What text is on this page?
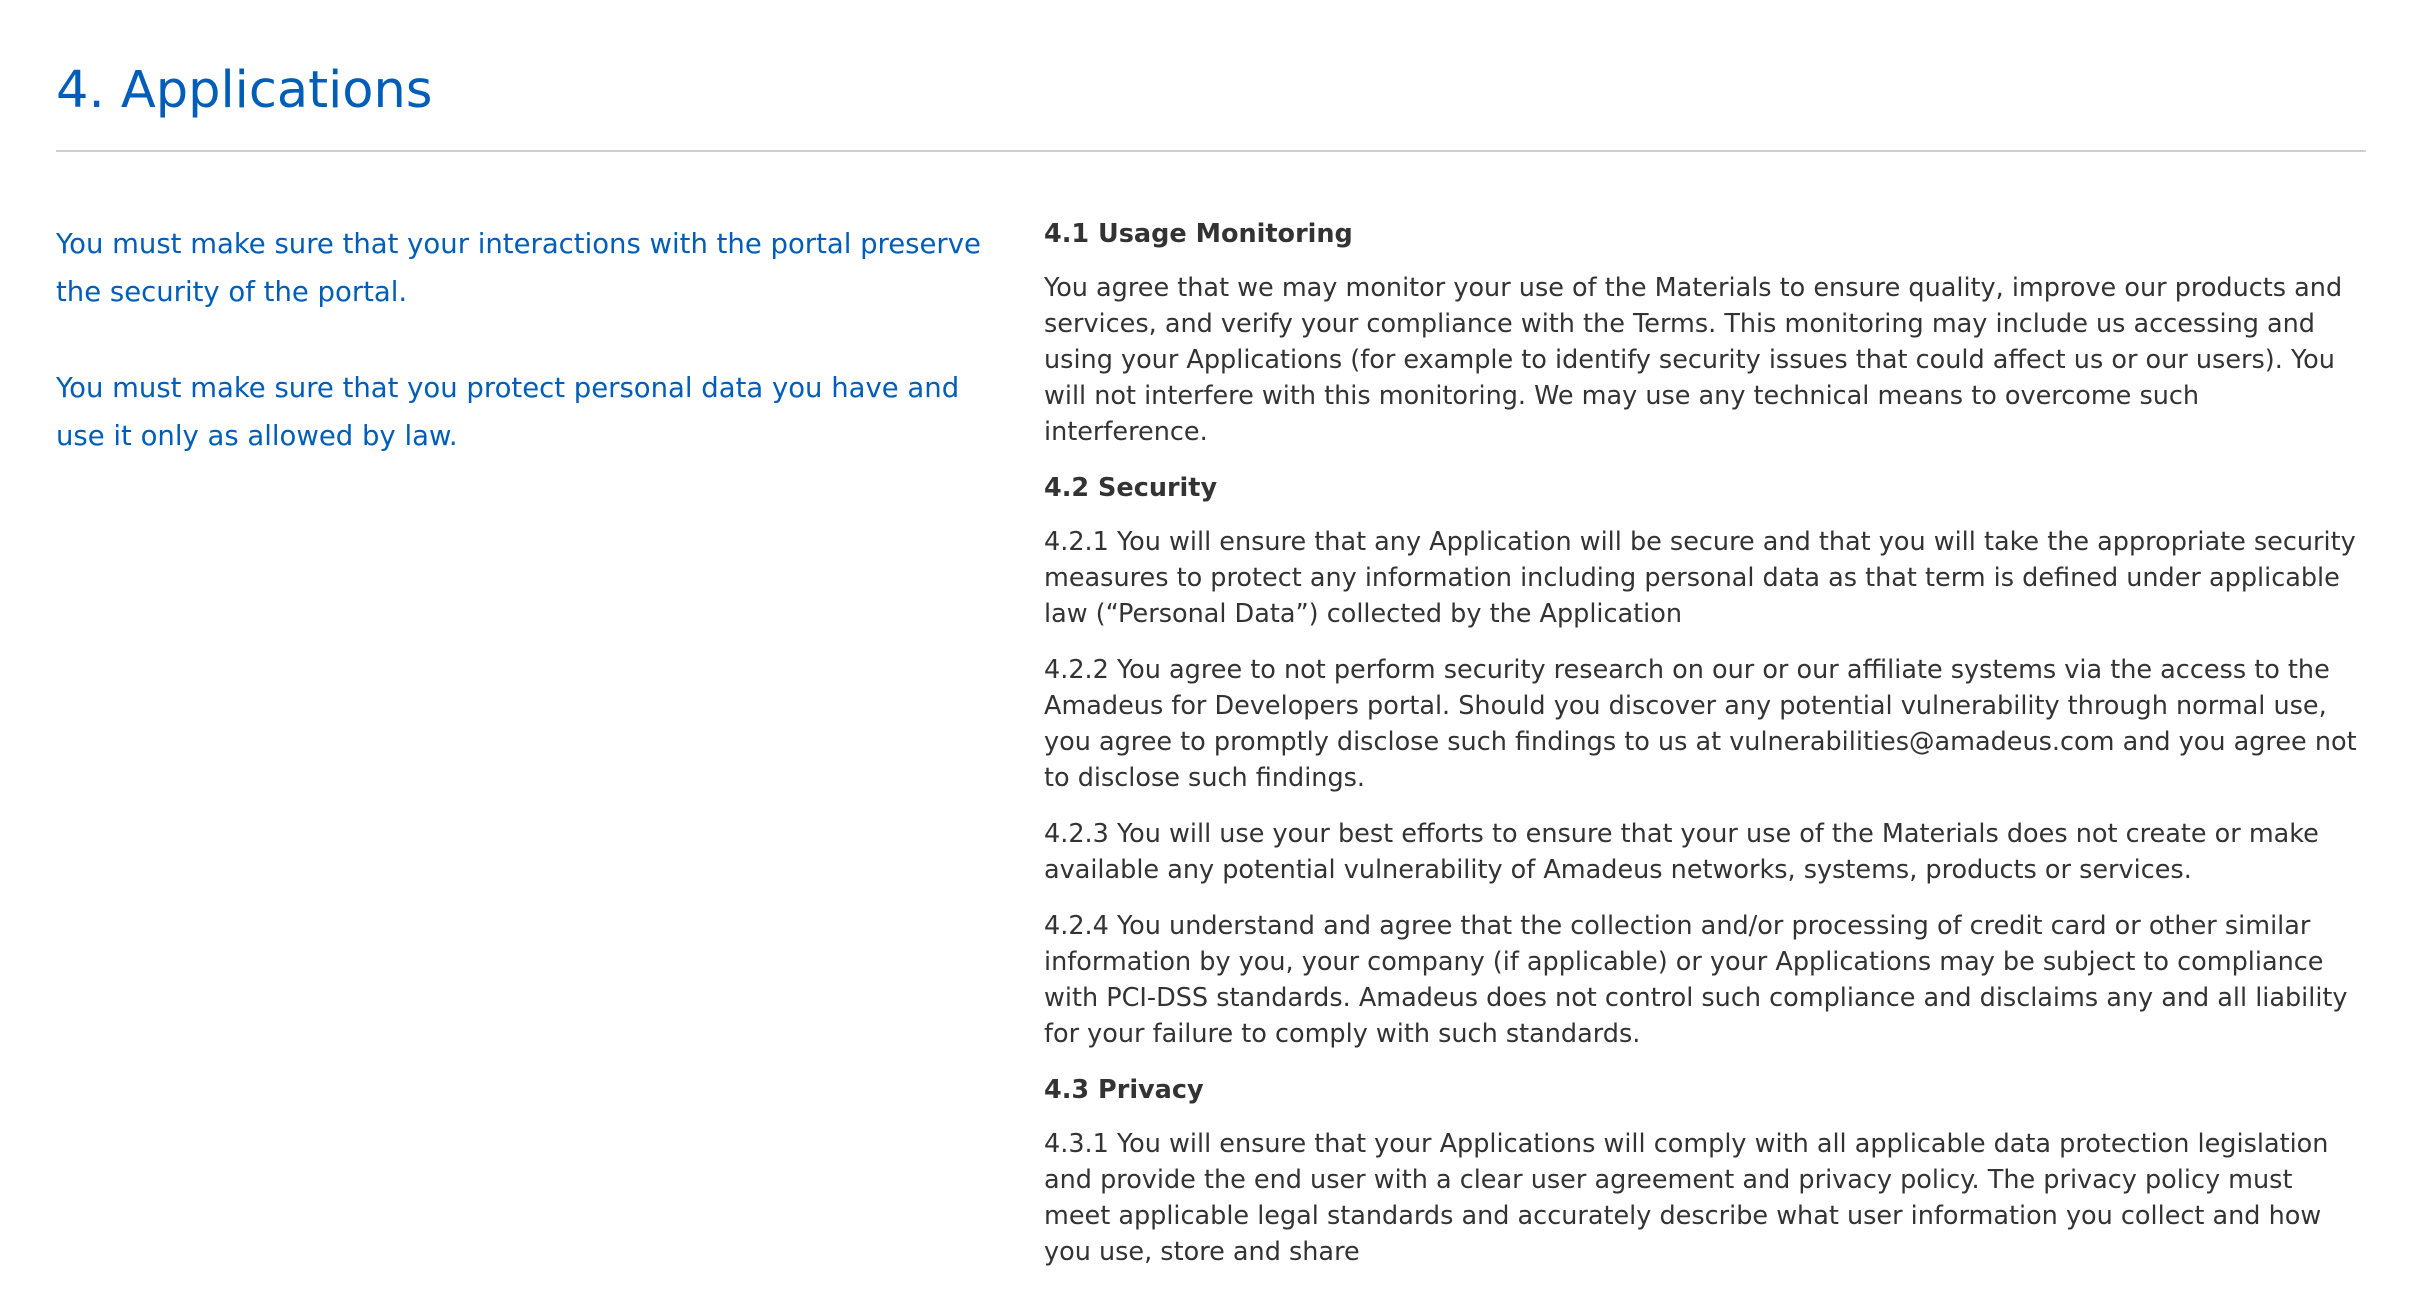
4. Applications

You must make sure that your interactions with the portal preserve the security of the portal.

You must make sure that you protect personal data you have and use it only as allowed by law.

4.1 Usage Monitoring

You agree that we may monitor your use of the Materials to ensure quality, improve our products and services, and verify your compliance with the Terms. This monitoring may include us accessing and using your Applications (for example to identify security issues that could affect us or our users). You will not interfere with this monitoring. We may use any technical means to overcome such interference.

4.2 Security

4.2.1 You will ensure that any Application will be secure and that you will take the appropriate security measures to protect any information including personal data as that term is defined under applicable law (“Personal Data”) collected by the Application

4.2.2 You agree to not perform security research on our or our affiliate systems via the access to the Amadeus for Developers portal. Should you discover any potential vulnerability through normal use, you agree to promptly disclose such findings to us at vulnerabilities@amadeus.com and you agree not to disclose such findings.

4.2.3 You will use your best efforts to ensure that your use of the Materials does not create or make available any potential vulnerability of Amadeus networks, systems, products or services.

4.2.4 You understand and agree that the collection and/or processing of credit card or other similar information by you, your company (if applicable) or your Applications may be subject to compliance with PCI-DSS standards. Amadeus does not control such compliance and disclaims any and all liability for your failure to comply with such standards.

4.3 Privacy

4.3.1 You will ensure that your Applications will comply with all applicable data protection legislation and provide the end user with a clear user agreement and privacy policy. The privacy policy must meet applicable legal standards and accurately describe what user information you collect and how you use, store and share
